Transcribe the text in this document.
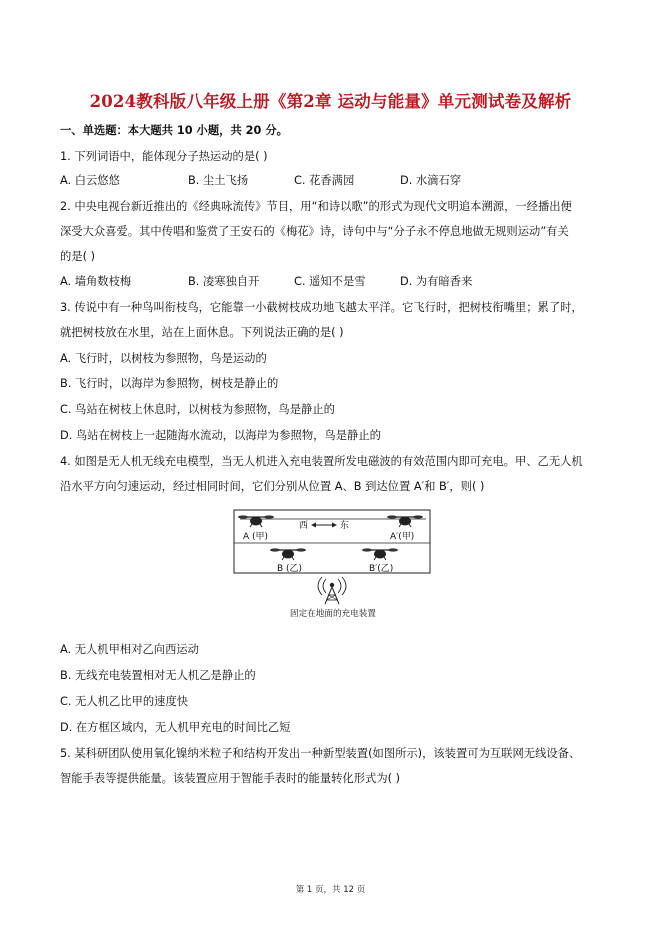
2024教科版八年级上册《第2章 运动与能量》单元测试卷及解析
一、单选题：本大题共 10 小题，共 20 分。
1. 下列词语中，能体现分子热运动的是( )
A. 白云悠悠	B. 尘土飞扬	C. 花香满园	D. 水滴石穿
2. 中央电视台新近推出的《经典咏流传》节目，用“和诗以歌”的形式为现代文明追本溯源，一经播出便
深受大众喜爱。其中传唱和鉴赏了王安石的《梅花》诗，诗句中与“分子永不停息地做无规则运动”有关
的是( )
A. 墙角数枝梅	B. 凌寒独自开	C. 遥知不是雪	D. 为有暗香来
3. 传说中有一种鸟叫衔枝鸟，它能靠一小截树枝成功地飞越太平洋。它飞行时，把树枝衔嘴里；累了时，
就把树枝放在水里，站在上面休息。下列说法正确的是( )
A. 飞行时，以树枝为参照物，鸟是运动的
B. 飞行时，以海岸为参照物，树枝是静止的
C. 鸟站在树枝上休息时，以树枝为参照物，鸟是静止的
D. 鸟站在树枝上一起随海水流动，以海岸为参照物，鸟是静止的
4. 如图是无人机无线充电模型，当无人机进入充电装置所发电磁波的有效范围内即可充电。甲、乙无人机
沿水平方向匀速运动，经过相同时间，它们分别从位置 A、B 到达位置 A′和 B′，则( )
A (甲)
西	东
A′(甲)
B (乙)	B′(乙)
固定在地面的充电装置
A. 无人机甲相对乙向西运动
B. 无线充电装置相对无人机乙是静止的
C. 无人机乙比甲的速度快
D. 在方框区域内，无人机甲充电的时间比乙短
5. 某科研团队使用氧化镍纳米粒子和结构开发出一种新型装置(如图所示)，该装置可为互联网无线设备、
智能手表等提供能量。该装置应用于智能手表时的能量转化形式为( )
第 1 页，共 12 页
